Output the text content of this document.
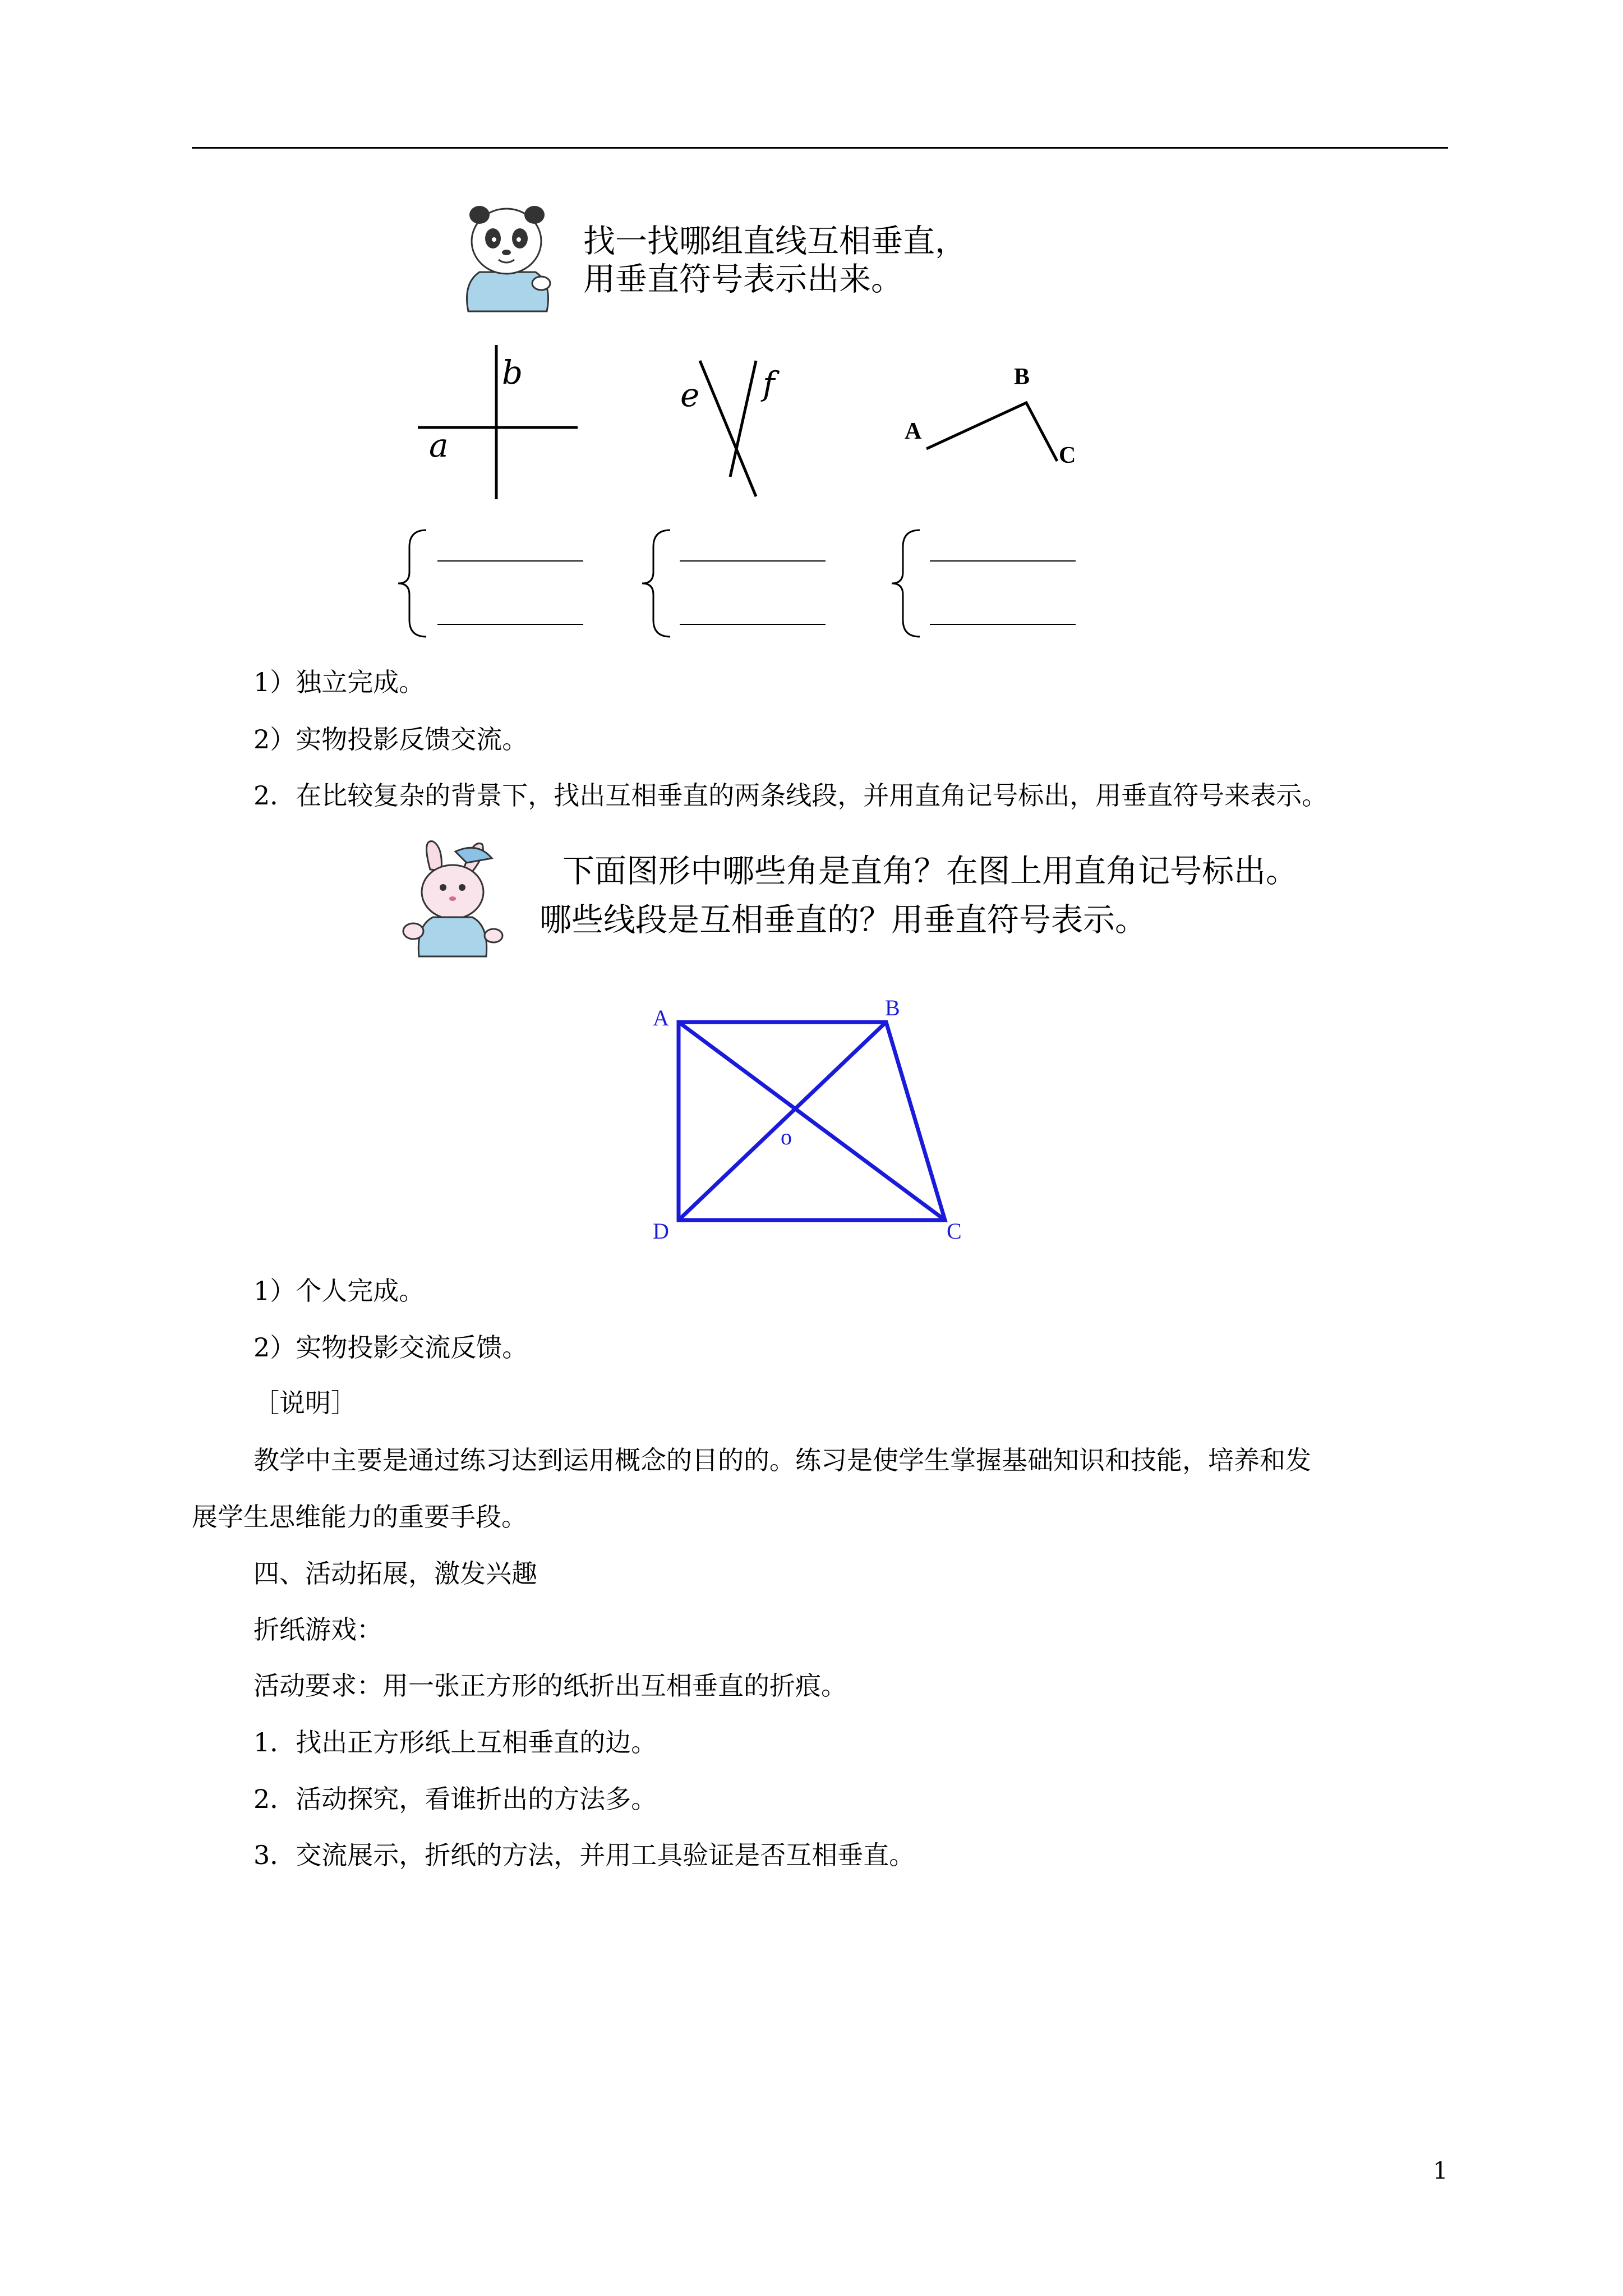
找一找哪组直线互相垂直，
用垂直符号表示出来。
b
a
e f	B
A
C
1）独立完成。
2）实物投影反馈交流。
2．在比较复杂的背景下，找出互相垂直的两条线段，并用直角记号标出，用垂直符号来表示。
下面图形中哪些角是直角？在图上用直角记号标出。
哪些线段是互相垂直的？用垂直符号表示。
A	B
C
D
o
1）个人完成。
2）实物投影交流反馈。
［说明］
教学中主要是通过练习达到运用概念的目的的。练习是使学生掌握基础知识和技能，培养和发
展学生思维能力的重要手段。
四、活动拓展，激发兴趣
折纸游戏：
活动要求：用一张正方形的纸折出互相垂直的折痕。
1．找出正方形纸上互相垂直的边。
2．活动探究，看谁折出的方法多。
3．交流展示，折纸的方法，并用工具验证是否互相垂直。
1
